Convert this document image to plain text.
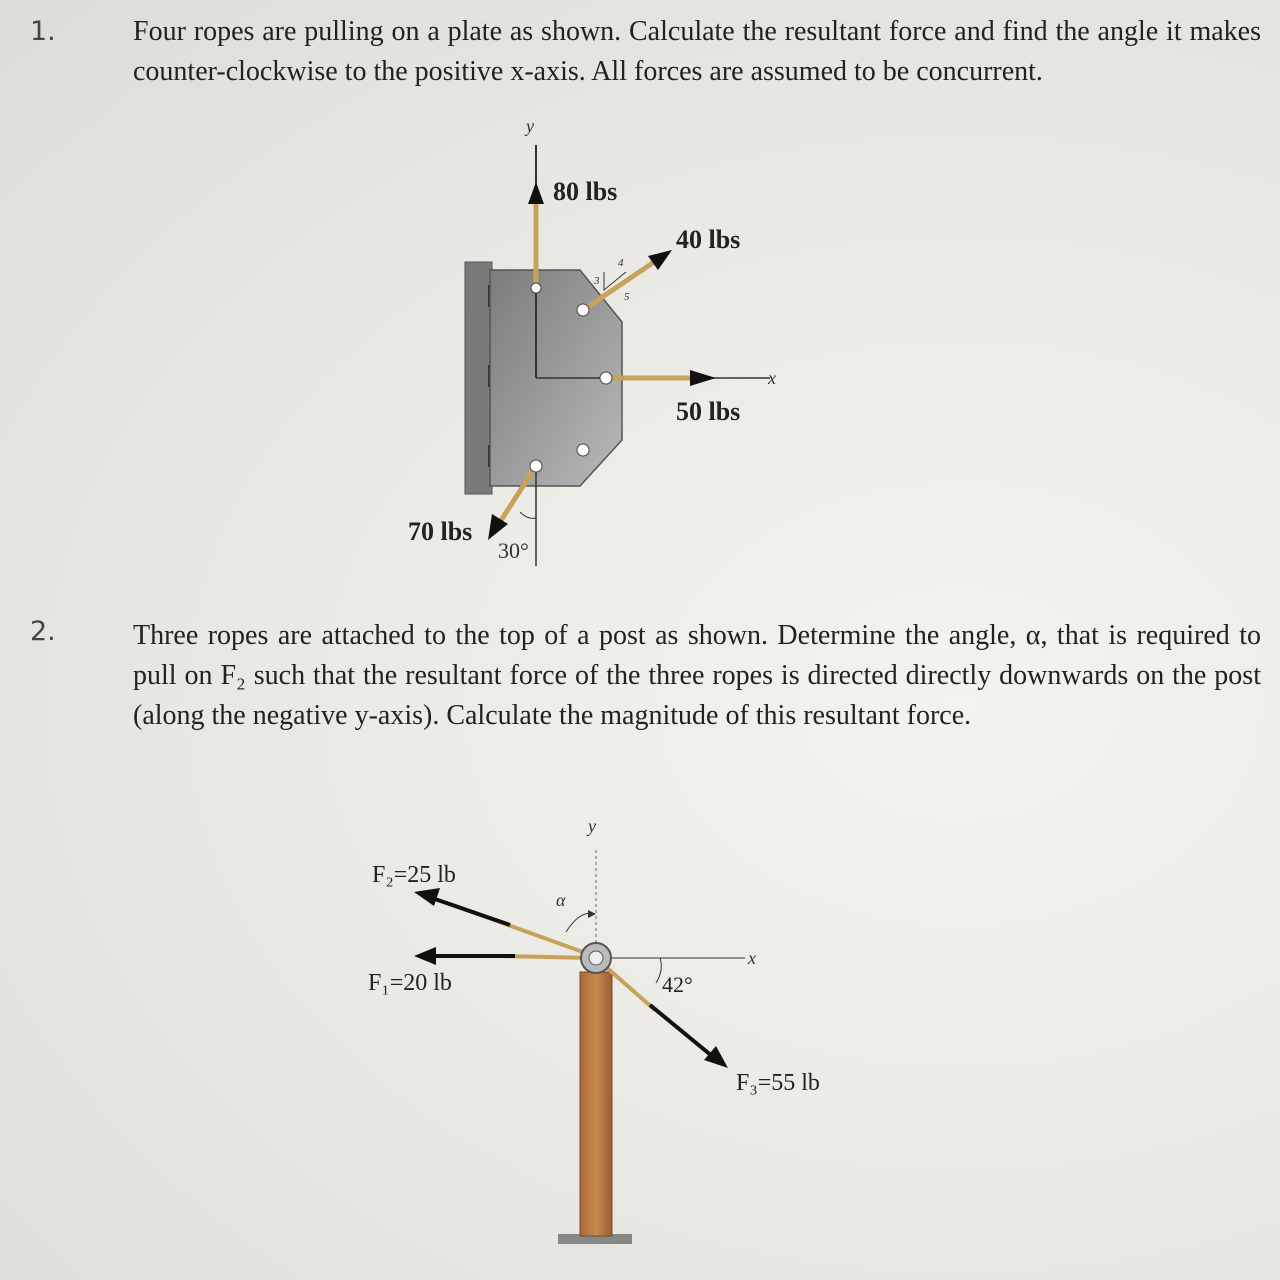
1.	Four ropes are pulling on a plate as shown. Calculate the resultant force and find the angle it makes counter-clockwise to the positive x-axis. All forces are assumed to be concurrent.
2.	Three ropes are attached to the top of a post as shown. Determine the angle, α, that is required to pull on F₂ such that the resultant force of the three ropes is directed directly downwards on the post (along the negative y-axis). Calculate the magnitude of this resultant force.
y
x
80 lbs
3
4
5
40 lbs
50 lbs
70 lbs
30°
y
x
F₂=25 lb
α
F₁=20 lb	42°
F₃=55 lb
